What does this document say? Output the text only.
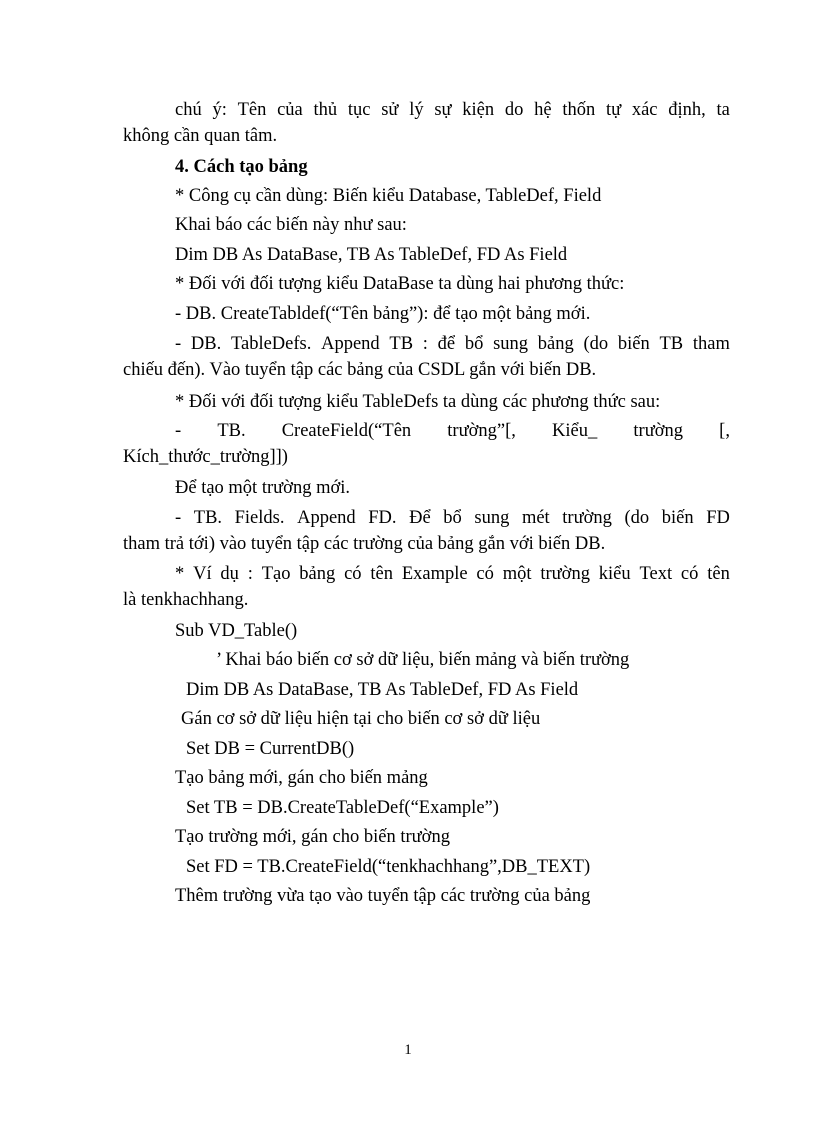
chú ý: Tên của thủ tục sử lý sự kiện do hệ thốn tự xác định, ta
không cần quan tâm.
4. Cách tạo bảng
* Công cụ cần dùng: Biến kiểu Database, TableDef, Field
Khai báo các biến này như sau:
Dim DB As DataBase, TB As TableDef, FD As Field
* Đối với đối tượng kiểu DataBase ta dùng hai phương thức:
- DB. CreateTabldef(“Tên bảng”): để tạo một bảng mới.
- DB. TableDefs. Append TB : để bổ sung bảng (do biến TB tham
chiếu đến). Vào tuyển tập các bảng của CSDL gắn với biến DB.
* Đối với đối tượng kiểu TableDefs ta dùng các phương thức sau:
- TB. CreateField(“Tên trường”[, Kiểu_ trường [,
Kích_thước_trường]])
Để tạo một trường mới.
- TB. Fields. Append FD. Để bổ sung mét trường (do biến FD
tham trả tới) vào tuyển tập các trường của bảng gắn với biến DB.
* Ví dụ : Tạo bảng có tên Example có một trường kiểu Text có tên
là tenkhachhang.
Sub VD_Table()
’ Khai báo biến cơ sở dữ liệu, biến mảng và biến trường
Dim DB As DataBase, TB As TableDef, FD As Field
Gán cơ sở dữ liệu hiện tại cho biến cơ sở dữ liệu
Set DB = CurrentDB()
Tạo bảng mới, gán cho biến mảng
Set TB = DB.CreateTableDef(“Example”)
Tạo trường mới, gán cho biến trường
Set FD = TB.CreateField(“tenkhachhang”,DB_TEXT)
Thêm trường vừa tạo vào tuyển tập các trường của bảng
1
